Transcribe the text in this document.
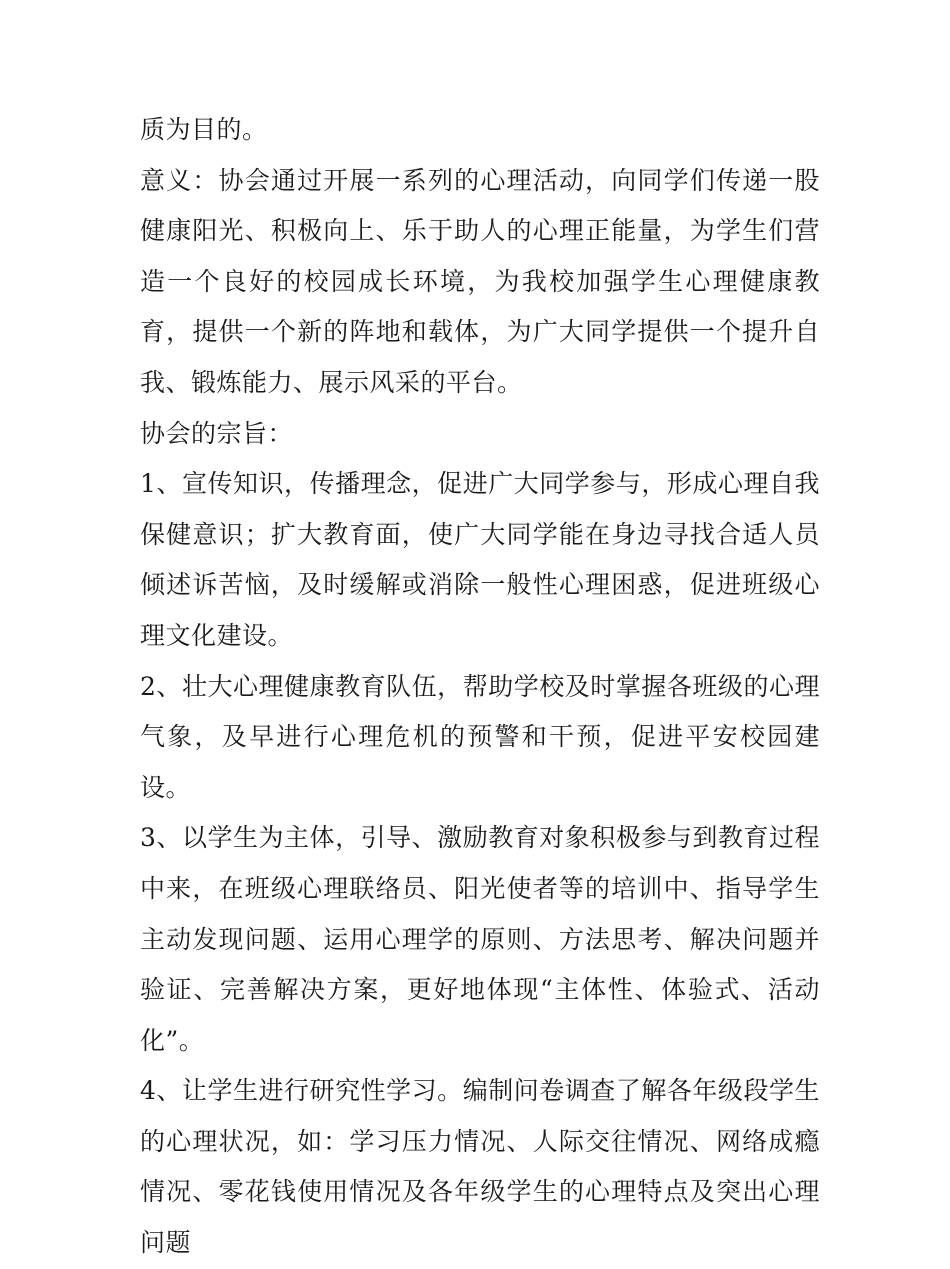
质为目的。

意义：协会通过开展一系列的心理活动，向同学们传递一股健康阳光、积极向上、乐于助人的心理正能量，为学生们营造一个良好的校园成长环境，为我校加强学生心理健康教育，提供一个新的阵地和载体，为广大同学提供一个提升自我、锻炼能力、展示风采的平台。

协会的宗旨：

1、宣传知识，传播理念，促进广大同学参与，形成心理自我保健意识；扩大教育面，使广大同学能在身边寻找合适人员倾述诉苦恼，及时缓解或消除一般性心理困惑，促进班级心理文化建设。

2、壮大心理健康教育队伍，帮助学校及时掌握各班级的心理气象，及早进行心理危机的预警和干预，促进平安校园建设。

3、以学生为主体，引导、激励教育对象积极参与到教育过程中来，在班级心理联络员、阳光使者等的培训中、指导学生主动发现问题、运用心理学的原则、方法思考、解决问题并验证、完善解决方案，更好地体现“主体性、体验式、活动化”。

4、让学生进行研究性学习。编制问卷调查了解各年级段学生的心理状况，如：学习压力情况、人际交往情况、网络成瘾情况、零花钱使用情况及各年级学生的心理特点及突出心理问题
